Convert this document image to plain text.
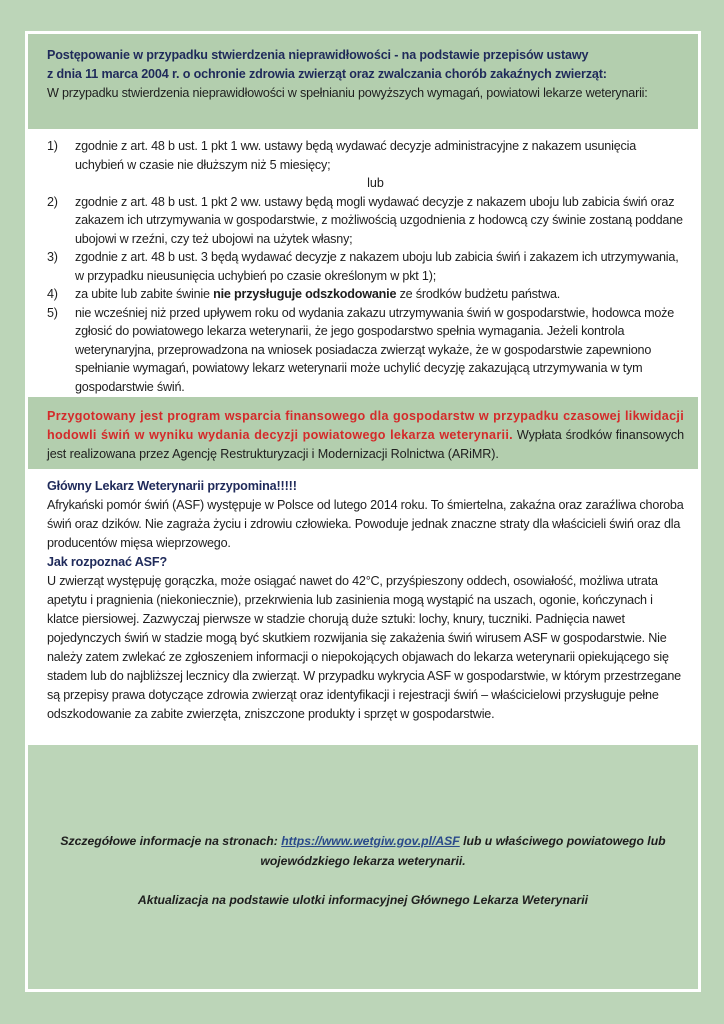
Postępowanie w przypadku stwierdzenia nieprawidłowości - na podstawie przepisów ustawy
z dnia 11 marca 2004 r. o ochronie zdrowia zwierząt oraz zwalczania chorób zakaźnych zwierząt:
W przypadku stwierdzenia nieprawidłowości w spełnianiu powyższych wymagań, powiatowi lekarze weterynarii:
1) zgodnie z art. 48 b ust. 1 pkt 1 ww. ustawy będą wydawać decyzje administracyjne z nakazem usunięcia uchybień w czasie nie dłuższym niż 5 miesięcy;
lub
2) zgodnie z art. 48 b ust. 1 pkt 2 ww. ustawy będą mogli wydawać decyzje z nakazem uboju lub zabicia świń oraz zakazem ich utrzymywania w gospodarstwie, z możliwością uzgodnienia z hodowcą czy świnie zostaną poddane ubojowi w rzeźni, czy też ubojowi na użytek własny;
3) zgodnie z art. 48 b ust. 3 będą wydawać decyzje z nakazem uboju lub zabicia świń i zakazem ich utrzymywania, w przypadku nieusunięcia uchybień po czasie określonym w pkt 1);
4) za ubite lub zabite świnie nie przysługuje odszkodowanie ze środków budżetu państwa.
5) nie wcześniej niż przed upływem roku od wydania zakazu utrzymywania świń w gospodarstwie, hodowca może zgłosić do powiatowego lekarza weterynarii, że jego gospodarstwo spełnia wymagania. Jeżeli kontrola weterynaryjna, przeprowadzona na wniosek posiadacza zwierząt wykaże, że w gospodarstwie zapewniono spełnianie wymagań, powiatowy lekarz weterynarii może uchylić decyzję zakazującą utrzymywania w tym gospodarstwie świń.
Przygotowany jest program wsparcia finansowego dla gospodarstw w przypadku czasowej likwidacji hodowli świń w wyniku wydania decyzji powiatowego lekarza weterynarii. Wypłata środków finansowych jest realizowana przez Agencję Restrukturyzacji i Modernizacji Rolnictwa (ARiMR).
Główny Lekarz Weterynarii przypomina!!!!!
Afrykański pomór świń (ASF) występuje w Polsce od lutego 2014 roku. To śmiertelna, zakaźna oraz zaraźliwa choroba świń oraz dzików. Nie zagraża życiu i zdrowiu człowieka. Powoduje jednak znaczne straty dla właścicieli świń oraz dla producentów mięsa wieprzowego.
Jak rozpoznać ASF?
U zwierząt występuję gorączka, może osiągać nawet do 42°C, przyśpieszony oddech, osowiałość, możliwa utrata apetytu i pragnienia (niekoniecznie), przekrwienia lub zasinienia mogą wystąpić na uszach, ogonie, kończynach i klatce piersiowej. Zazwyczaj pierwsze w stadzie chorują duże sztuki: lochy, knury, tuczniki. Padnięcia nawet pojedynczych świń w stadzie mogą być skutkiem rozwijania się zakażenia świń wirusem ASF w gospodarstwie. Nie należy zatem zwlekać ze zgłoszeniem informacji o niepokojących objawach do lekarza weterynarii opiekującego się stadem lub do najbliższej lecznicy dla zwierząt. W przypadku wykrycia ASF w gospodarstwie, w którym przestrzegane są przepisy prawa dotyczące zdrowia zwierząt oraz identyfikacji i rejestracji świń – właścicielowi przysługuje pełne odszkodowanie za zabite zwierzęta, zniszczone produkty i sprzęt w gospodarstwie.
Szczegółowe informacje na stronach: https://www.wetgiw.gov.pl/ASF lub u właściwego powiatowego lub wojewódzkiego lekarza weterynarii.
Aktualizacja na podstawie ulotki informacyjnej Głównego Lekarza Weterynarii
